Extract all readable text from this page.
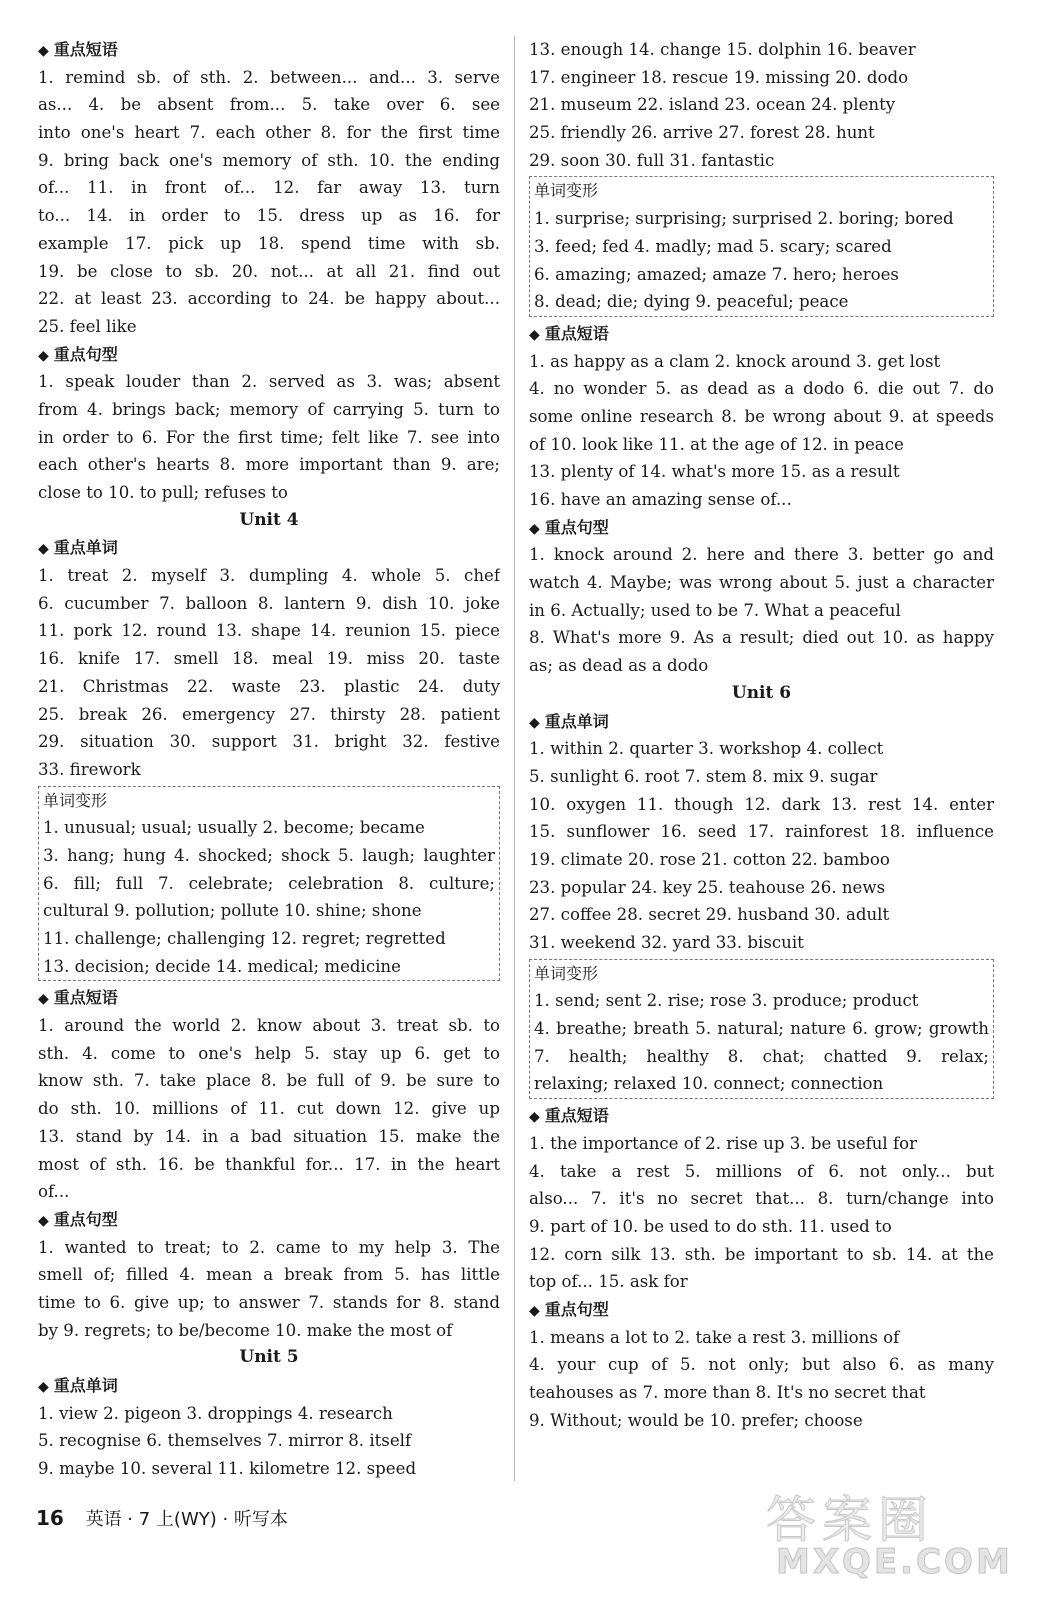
◆ 重点短语
1. remind sb. of sth. 2. between... and... 3. serve
as... 4. be absent from... 5. take over 6. see
into one's heart 7. each other 8. for the first time
9. bring back one's memory of sth. 10. the ending
of... 11. in front of... 12. far away 13. turn
to... 14. in order to 15. dress up as 16. for
example 17. pick up 18. spend time with sb.
19. be close to sb. 20. not... at all 21. find out
22. at least 23. according to 24. be happy about...
25. feel like
◆ 重点句型
1. speak louder than 2. served as 3. was; absent
from 4. brings back; memory of carrying 5. turn to
in order to 6. For the first time; felt like 7. see into
each other's hearts 8. more important than 9. are;
close to 10. to pull; refuses to
Unit 4
◆ 重点单词
1. treat 2. myself 3. dumpling 4. whole 5. chef
6. cucumber 7. balloon 8. lantern 9. dish 10. joke
11. pork 12. round 13. shape 14. reunion 15. piece
16. knife 17. smell 18. meal 19. miss 20. taste
21. Christmas 22. waste 23. plastic 24. duty
25. break 26. emergency 27. thirsty 28. patient
29. situation 30. support 31. bright 32. festive
33. firework
单词变形
1. unusual; usual; usually 2. become; became
3. hang; hung 4. shocked; shock 5. laugh; laughter
6. fill; full 7. celebrate; celebration 8. culture;
cultural 9. pollution; pollute 10. shine; shone
11. challenge; challenging 12. regret; regretted
13. decision; decide 14. medical; medicine
◆ 重点短语
1. around the world 2. know about 3. treat sb. to
sth. 4. come to one's help 5. stay up 6. get to
know sth. 7. take place 8. be full of 9. be sure to
do sth. 10. millions of 11. cut down 12. give up
13. stand by 14. in a bad situation 15. make the
most of sth. 16. be thankful for... 17. in the heart
of...
◆ 重点句型
1. wanted to treat; to 2. came to my help 3. The
smell of; filled 4. mean a break from 5. has little
time to 6. give up; to answer 7. stands for 8. stand
by 9. regrets; to be/become 10. make the most of
Unit 5
◆ 重点单词
1. view 2. pigeon 3. droppings 4. research
5. recognise 6. themselves 7. mirror 8. itself
9. maybe 10. several 11. kilometre 12. speed
13. enough 14. change 15. dolphin 16. beaver
17. engineer 18. rescue 19. missing 20. dodo
21. museum 22. island 23. ocean 24. plenty
25. friendly 26. arrive 27. forest 28. hunt
29. soon 30. full 31. fantastic
单词变形
1. surprise; surprising; surprised 2. boring; bored
3. feed; fed 4. madly; mad 5. scary; scared
6. amazing; amazed; amaze 7. hero; heroes
8. dead; die; dying 9. peaceful; peace
◆ 重点短语
1. as happy as a clam 2. knock around 3. get lost
4. no wonder 5. as dead as a dodo 6. die out 7. do
some online research 8. be wrong about 9. at speeds
of 10. look like 11. at the age of 12. in peace
13. plenty of 14. what's more 15. as a result
16. have an amazing sense of...
◆ 重点句型
1. knock around 2. here and there 3. better go and
watch 4. Maybe; was wrong about 5. just a character
in 6. Actually; used to be 7. What a peaceful
8. What's more 9. As a result; died out 10. as happy
as; as dead as a dodo
Unit 6
◆ 重点单词
1. within 2. quarter 3. workshop 4. collect
5. sunlight 6. root 7. stem 8. mix 9. sugar
10. oxygen 11. though 12. dark 13. rest 14. enter
15. sunflower 16. seed 17. rainforest 18. influence
19. climate 20. rose 21. cotton 22. bamboo
23. popular 24. key 25. teahouse 26. news
27. coffee 28. secret 29. husband 30. adult
31. weekend 32. yard 33. biscuit
单词变形
1. send; sent 2. rise; rose 3. produce; product
4. breathe; breath 5. natural; nature 6. grow; growth
7. health; healthy 8. chat; chatted 9. relax;
relaxing; relaxed 10. connect; connection
◆ 重点短语
1. the importance of 2. rise up 3. be useful for
4. take a rest 5. millions of 6. not only... but
also... 7. it's no secret that... 8. turn/change into
9. part of 10. be used to do sth. 11. used to
12. corn silk 13. sth. be important to sb. 14. at the
top of... 15. ask for
◆ 重点句型
1. means a lot to 2. take a rest 3. millions of
4. your cup of 5. not only; but also 6. as many
teahouses as 7. more than 8. It's no secret that
9. Without; would be 10. prefer; choose
16 英语 · 7 上(WY) · 听写本	答案圈
MXQE.COM
